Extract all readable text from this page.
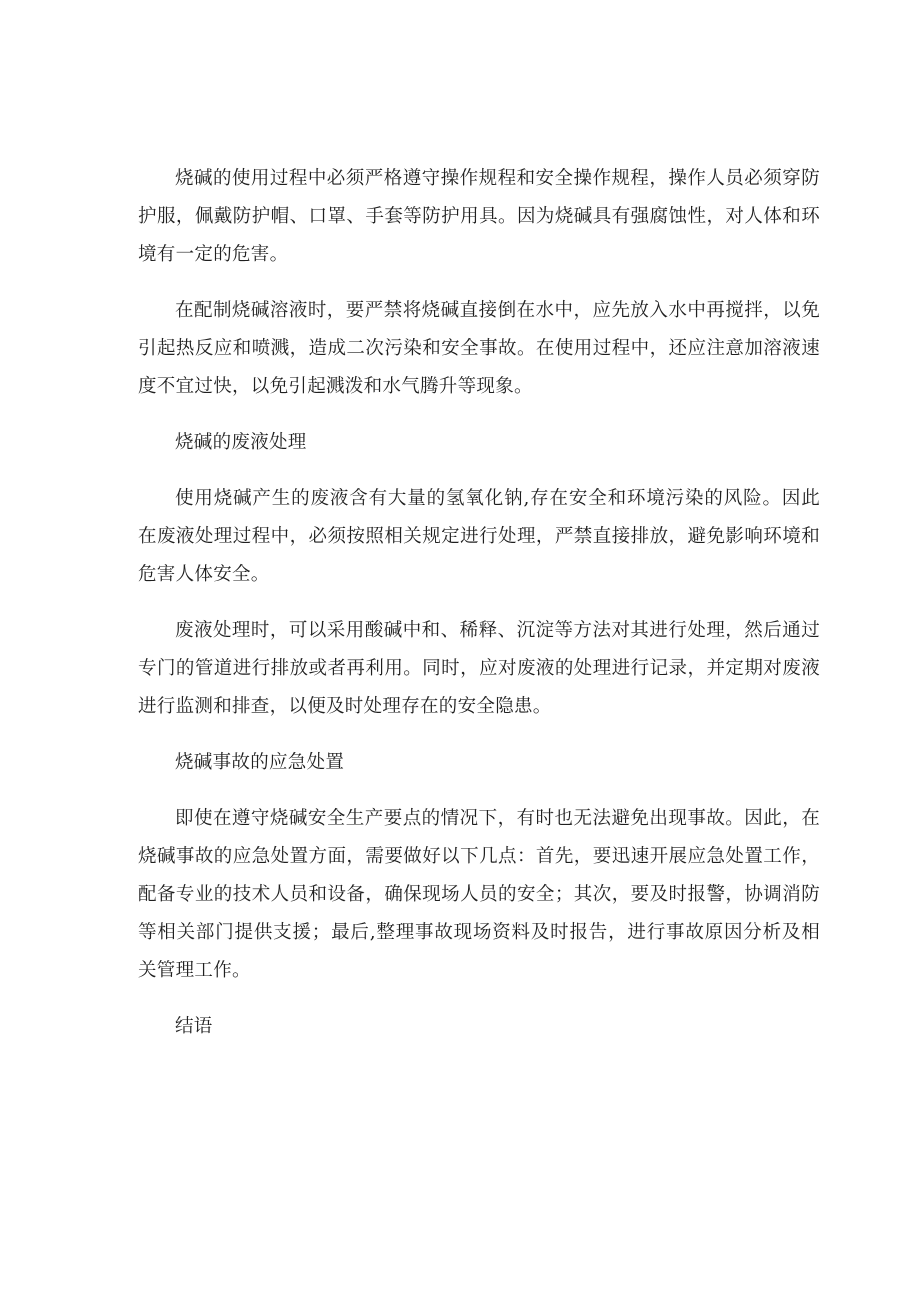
烧碱的使用过程中必须严格遵守操作规程和安全操作规程，操作人员必须穿防护服，佩戴防护帽、口罩、手套等防护用具。因为烧碱具有强腐蚀性，对人体和环境有一定的危害。

在配制烧碱溶液时，要严禁将烧碱直接倒在水中，应先放入水中再搅拌，以免引起热反应和喷溅，造成二次污染和安全事故。在使用过程中，还应注意加溶液速度不宜过快，以免引起溅泼和水气腾升等现象。

烧碱的废液处理

使用烧碱产生的废液含有大量的氢氧化钠,存在安全和环境污染的风险。因此在废液处理过程中，必须按照相关规定进行处理，严禁直接排放，避免影响环境和危害人体安全。

废液处理时，可以采用酸碱中和、稀释、沉淀等方法对其进行处理，然后通过专门的管道进行排放或者再利用。同时，应对废液的处理进行记录，并定期对废液进行监测和排查，以便及时处理存在的安全隐患。

烧碱事故的应急处置

即使在遵守烧碱安全生产要点的情况下，有时也无法避免出现事故。因此，在烧碱事故的应急处置方面，需要做好以下几点：首先，要迅速开展应急处置工作，配备专业的技术人员和设备，确保现场人员的安全；其次，要及时报警，协调消防等相关部门提供支援；最后,整理事故现场资料及时报告，进行事故原因分析及相关管理工作。

结语
